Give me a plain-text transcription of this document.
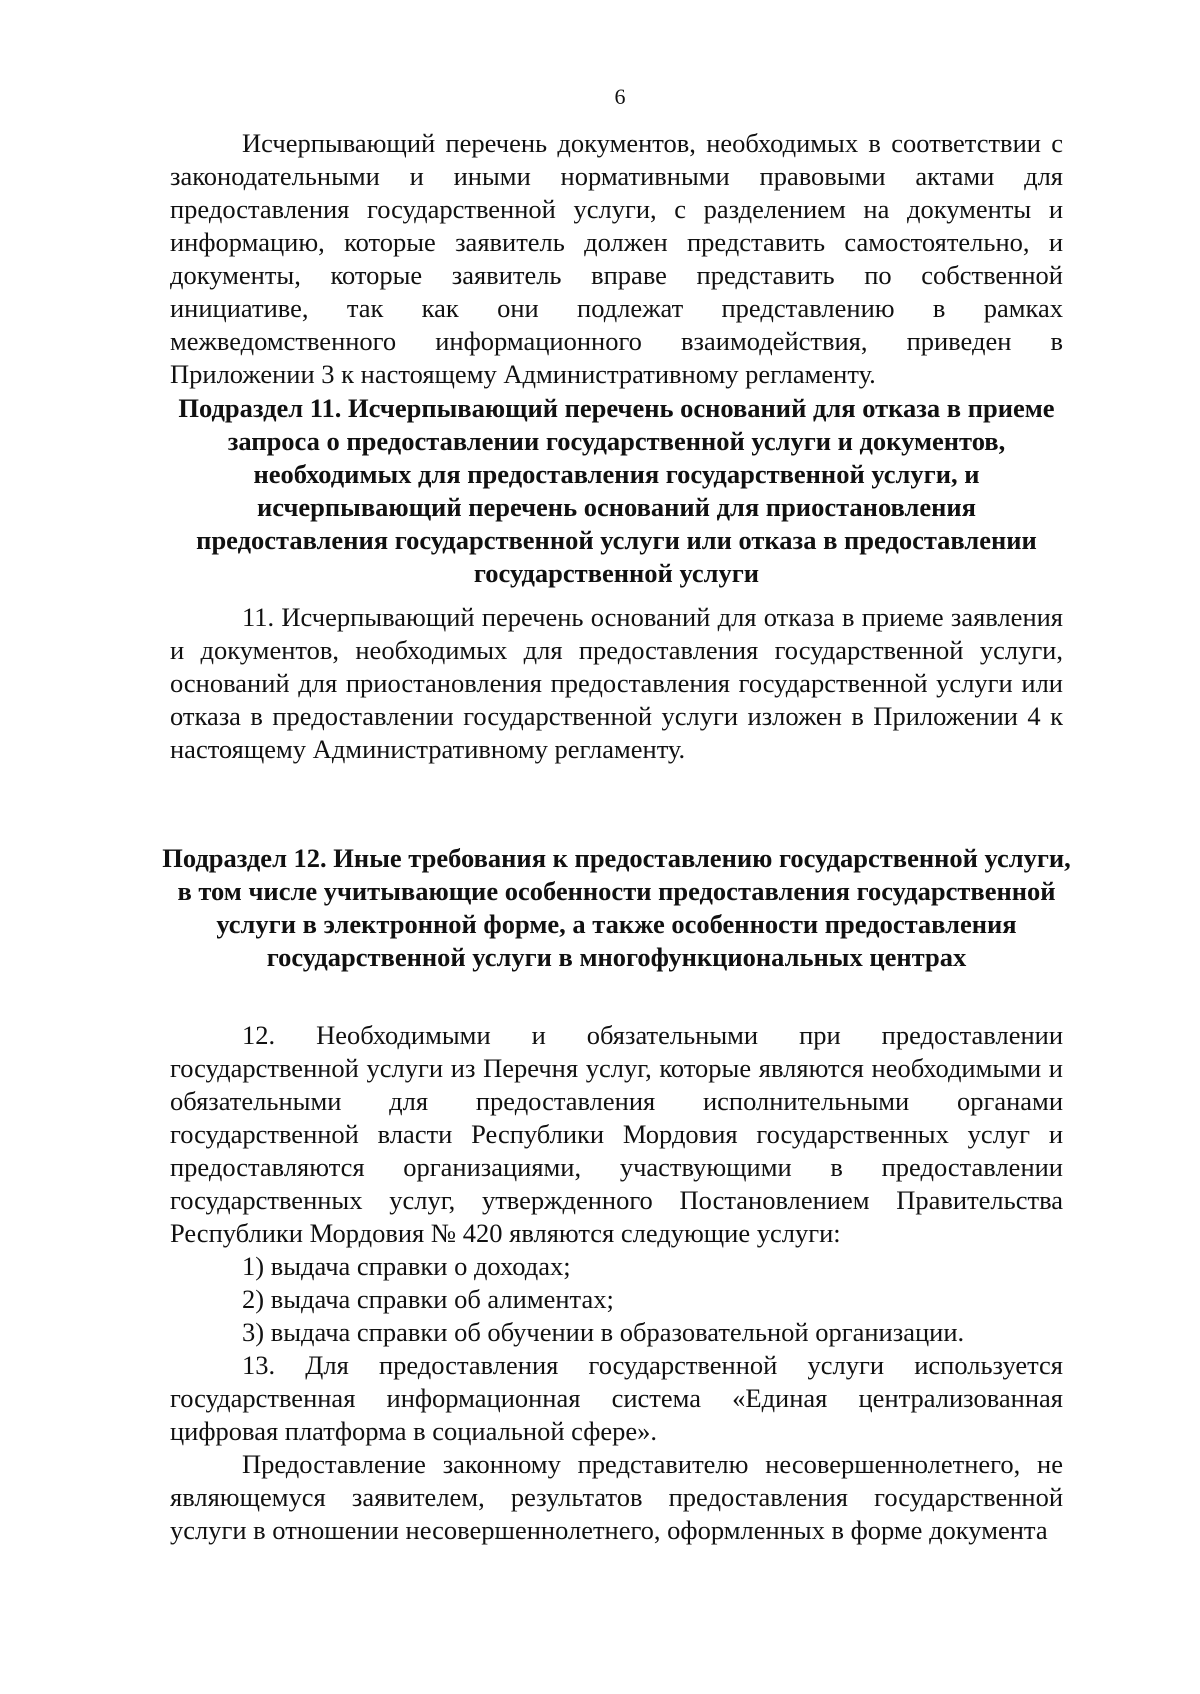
6

Исчерпывающий перечень документов, необходимых в соответствии с законодательными и иными нормативными правовыми актами для предоставления государственной услуги, с разделением на документы и информацию, которые заявитель должен представить самостоятельно, и документы, которые заявитель вправе представить по собственной инициативе, так как они подлежат представлению в рамках межведомственного информационного взаимодействия, приведен в Приложении 3 к настоящему Административному регламенту.

Подраздел 11. Исчерпывающий перечень оснований для отказа в приеме запроса о предоставлении государственной услуги и документов, необходимых для предоставления государственной услуги, и исчерпывающий перечень оснований для приостановления предоставления государственной услуги или отказа в предоставлении государственной услуги

11. Исчерпывающий перечень оснований для отказа в приеме заявления и документов, необходимых для предоставления государственной услуги, оснований для приостановления предоставления государственной услуги или отказа в предоставлении государственной услуги изложен в Приложении 4 к настоящему Административному регламенту.

Подраздел 12. Иные требования к предоставлению государственной услуги, в том числе учитывающие особенности предоставления государственной услуги в электронной форме, а также особенности предоставления государственной услуги в многофункциональных центрах

12. Необходимыми и обязательными при предоставлении государственной услуги из Перечня услуг, которые являются необходимыми и обязательными для предоставления исполнительными органами государственной власти Республики Мордовия государственных услуг и предоставляются организациями, участвующими в предоставлении государственных услуг, утвержденного Постановлением Правительства Республики Мордовия № 420 являются следующие услуги:

1) выдача справки о доходах;

2) выдача справки об алиментах;

3) выдача справки об обучении в образовательной организации.

13. Для предоставления государственной услуги используется государственная информационная система «Единая централизованная цифровая платформа в социальной сфере».

Предоставление законному представителю несовершеннолетнего, не являющемуся заявителем, результатов предоставления государственной услуги в отношении несовершеннолетнего, оформленных в форме документа
